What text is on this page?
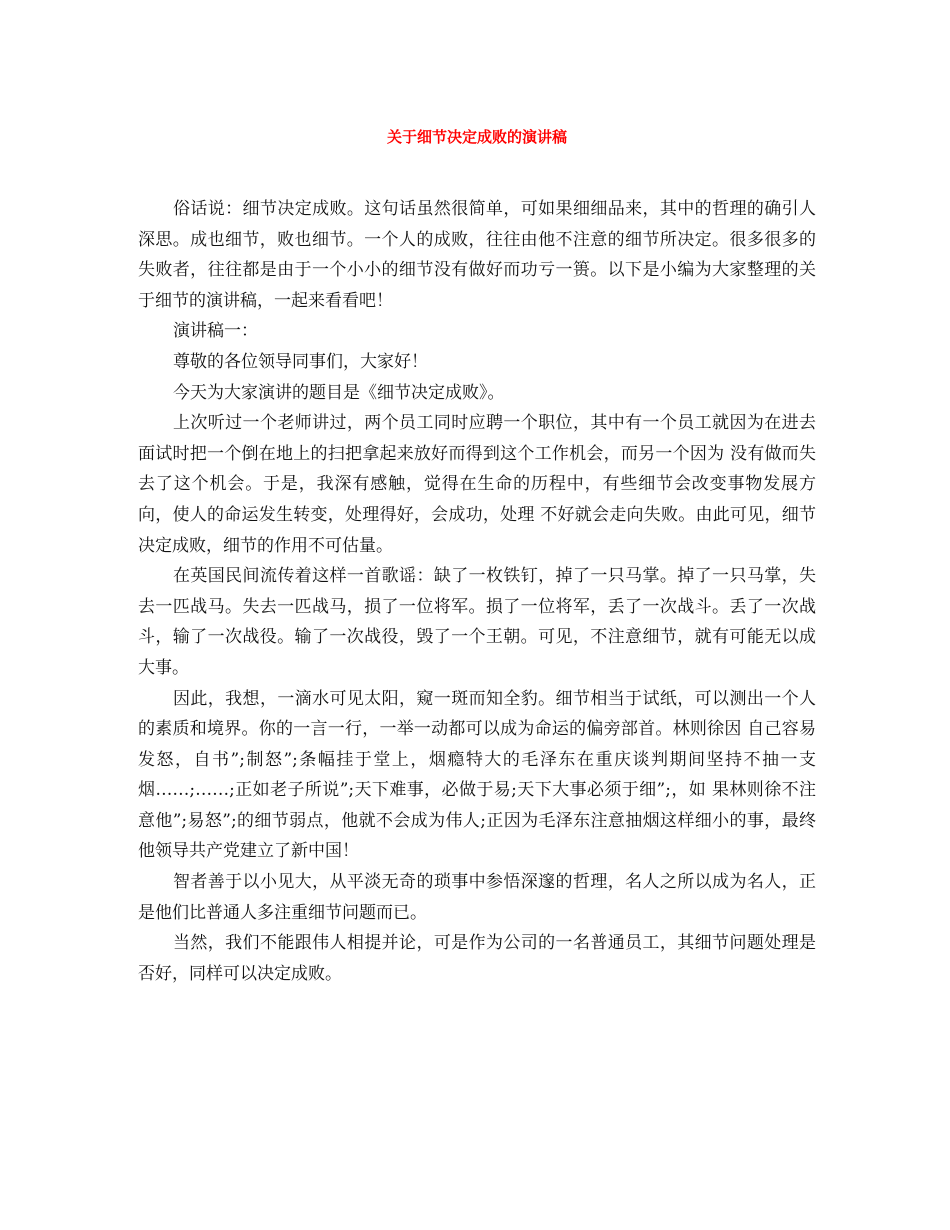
关于细节决定成败的演讲稿

俗话说：细节决定成败。这句话虽然很简单，可如果细细品来，其中的哲理的确引人深思。成也细节，败也细节。一个人的成败，往往由他不注意的细节所决定。很多很多的失败者，往往都是由于一个小小的细节没有做好而功亏一篑。以下是小编为大家整理的关于细节的演讲稿，一起来看看吧！

演讲稿一：

尊敬的各位领导同事们，大家好！

今天为大家演讲的题目是《细节决定成败》。

上次听过一个老师讲过，两个员工同时应聘一个职位，其中有一个员工就因为在进去面试时把一个倒在地上的扫把拿起来放好而得到这个工作机会，而另一个因为 没有做而失去了这个机会。于是，我深有感触，觉得在生命的历程中，有些细节会改变事物发展方向，使人的命运发生转变，处理得好，会成功，处理 不好就会走向失败。由此可见，细节决定成败，细节的作用不可估量。

在英国民间流传着这样一首歌谣：缺了一枚铁钉，掉了一只马掌。掉了一只马掌，失去一匹战马。失去一匹战马，损了一位将军。损了一位将军，丢了一次战斗。丢了一次战斗，输了一次战役。输了一次战役，毁了一个王朝。可见，不注意细节，就有可能无以成大事。

因此，我想，一滴水可见太阳，窥一斑而知全豹。细节相当于试纸，可以测出一个人的素质和境界。你的一言一行，一举一动都可以成为命运的偏旁部首。林则徐因 自己容易发怒，自书”;制怒”;条幅挂于堂上，烟瘾特大的毛泽东在重庆谈判期间坚持不抽一支烟……;……;正如老子所说”;天下难事，必做于易;天下大事必须于细”;，如 果林则徐不注意他”;易怒”;的细节弱点，他就不会成为伟人;正因为毛泽东注意抽烟这样细小的事，最终他领导共产党建立了新中国！

智者善于以小见大，从平淡无奇的琐事中参悟深邃的哲理，名人之所以成为名人，正是他们比普通人多注重细节问题而已。

当然，我们不能跟伟人相提并论，可是作为公司的一名普通员工，其细节问题处理是否好，同样可以决定成败。
